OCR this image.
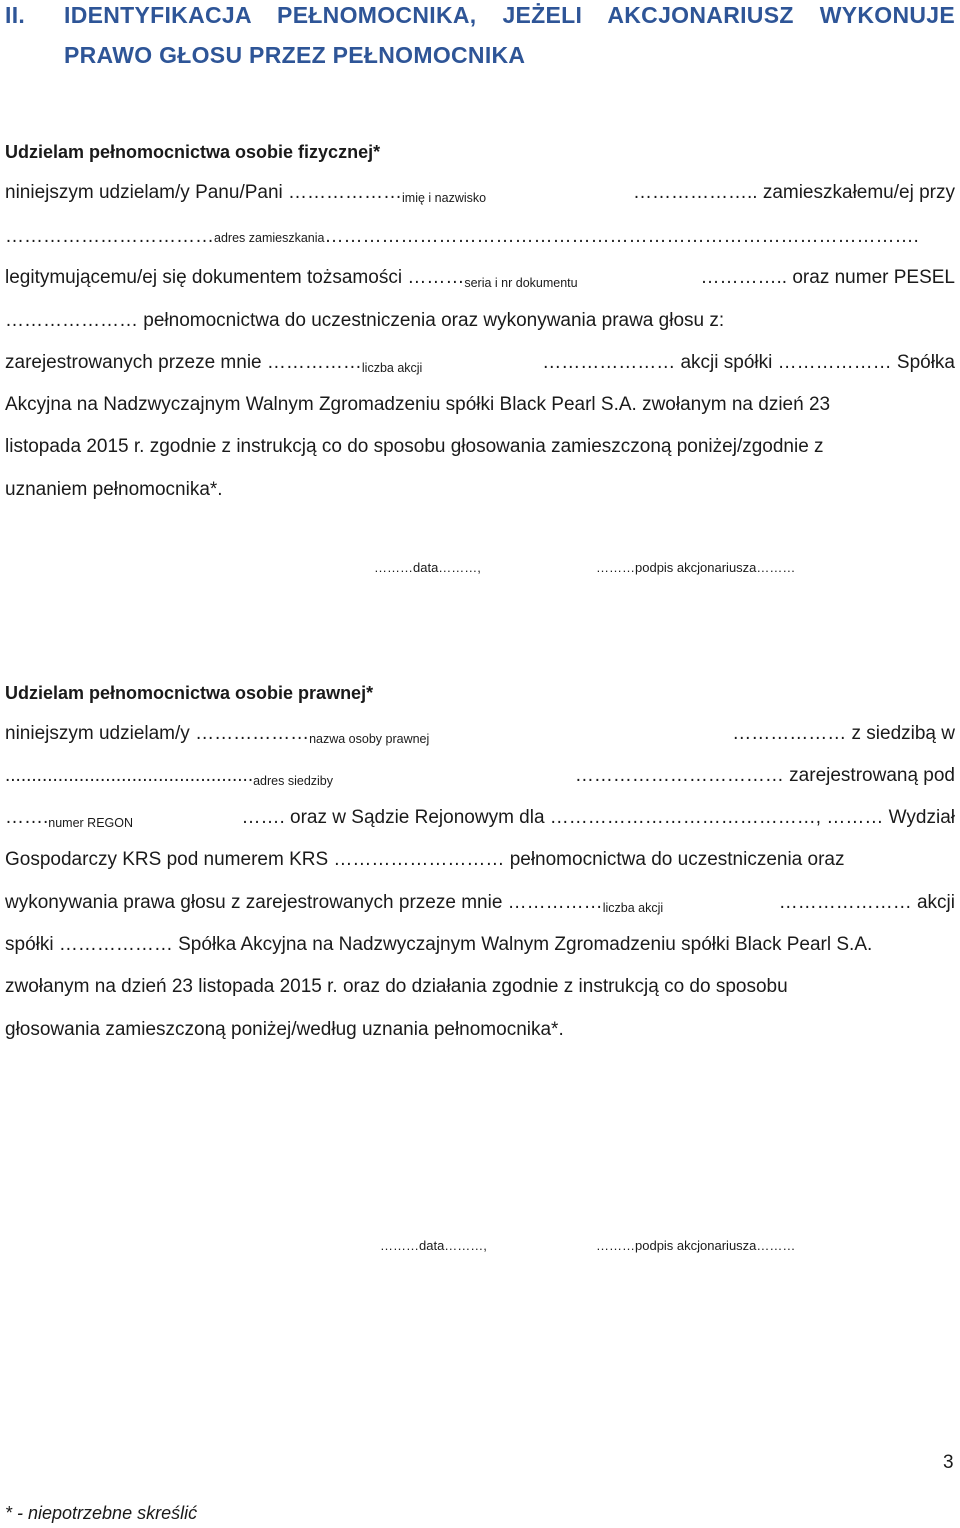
II. IDENTYFIKACJA PEŁNOMOCNIKA, JEŻELI AKCJONARIUSZ WYKONUJE
PRAWO GŁOSU PRZEZ PEŁNOMOCNIKA
Udzielam pełnomocnictwa osobie fizycznej*
niniejszym udzielam/y Panu/Pani $\dots\dots\dots\dots\dots\dots_{imię i nazwisko}$	……………….. zamieszkałemu/ej przy
…………………………… adres zamieszkania ………………………………………………………………………………….
legitymującemu/ej się dokumentem tożsamości $\dots\dots\dots_{seria i nr dokumentu}$	………….. oraz numer PESEL
………………… pełnomocnictwa do uczestniczenia oraz wykonywania prawa głosu z:
zarejestrowanych przeze mnie $\dots\dots\dots\dots\dots_{liczba akcji}$	………………… akcji spółki ……………… Spółka
Akcyjna na Nadzwyczajnym Walnym Zgromadzeniu spółki Black Pearl S.A. zwołanym na dzień 23
listopada 2015 r. zgodnie z instrukcją co do sposobu głosowania zamieszczoną poniżej/zgodnie z
uznaniem pełnomocnika*.
………data………,	………podpis akcjonariusza………
Udzielam pełnomocnictwa osobie prawnej*
niniejszym udzielam/y $\dots\dots\dots\dots\dots\dots_{nazwa osoby prawnej}$	……………… z siedzibą w
$..............................................._{adres siedziby}$	…………………………… zarejestrowaną pod
$\dots\dots._{numer REGON}$	……. oraz w Sądzie Rejonowym dla ……………………………………, ……… Wydział
Gospodarczy KRS pod numerem KRS ……………………… pełnomocnictwa do uczestniczenia oraz
wykonywania prawa głosu z zarejestrowanych przeze mnie $\dots\dots\dots\dots\dots_{liczba akcji}$	………………… akcji
spółki ……………… Spółka Akcyjna na Nadzwyczajnym Walnym Zgromadzeniu spółki Black Pearl S.A.
zwołanym na dzień 23 listopada 2015 r. oraz do działania zgodnie z instrukcją co do sposobu
głosowania zamieszczoną poniżej/według uznania pełnomocnika*.
………data………,	………podpis akcjonariusza………
3
* - niepotrzebne skreślić
